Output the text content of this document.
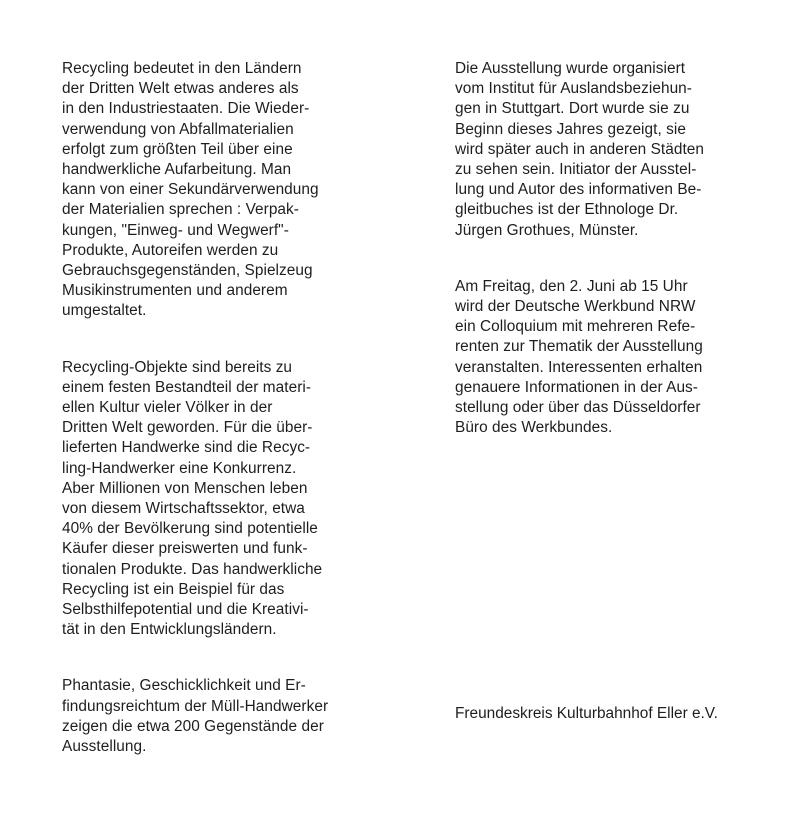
Recycling bedeutet in den Ländern
der Dritten Welt etwas anderes als
in den Industriestaaten. Die Wieder-
verwendung von Abfallmaterialien
erfolgt zum größten Teil über eine
handwerkliche Aufarbeitung. Man
kann von einer Sekundärverwendung
der Materialien sprechen : Verpak-
kungen, "Einweg- und Wegwerf"-
Produkte, Autoreifen werden zu
Gebrauchsgegenständen, Spielzeug
Musikinstrumenten und anderem
umgestaltet.

Recycling-Objekte sind bereits zu
einem festen Bestandteil der materi-
ellen Kultur vieler Völker in der
Dritten Welt geworden. Für die über-
lieferten Handwerke sind die Recyc-
ling-Handwerker eine Konkurrenz.
Aber Millionen von Menschen leben
von diesem Wirtschaftssektor, etwa
40% der Bevölkerung sind potentielle
Käufer dieser preiswerten und funk-
tionalen Produkte. Das handwerkliche
Recycling ist ein Beispiel für das
Selbsthilfepotential und die Kreativi-
tät in den Entwicklungsländern.

Phantasie, Geschicklichkeit und Er-
findungsreichtum der Müll-Handwerker
zeigen die etwa 200 Gegenstände der
Ausstellung.

Die Ausstellung wurde organisiert
vom Institut für Auslandsbeziehun-
gen in Stuttgart. Dort wurde sie zu
Beginn dieses Jahres gezeigt, sie
wird später auch in anderen Städten
zu sehen sein. Initiator der Ausstel-
lung und Autor des informativen Be-
gleitbuches ist der Ethnologe Dr.
Jürgen Grothues, Münster.

Am Freitag, den 2. Juni ab 15 Uhr
wird der Deutsche Werkbund NRW
ein Colloquium mit mehreren Refe-
renten zur Thematik der Ausstellung
veranstalten. Interessenten erhalten
genauere Informationen in der Aus-
stellung oder über das Düsseldorfer
Büro des Werkbundes.

Freundeskreis Kulturbahnhof Eller e.V.
